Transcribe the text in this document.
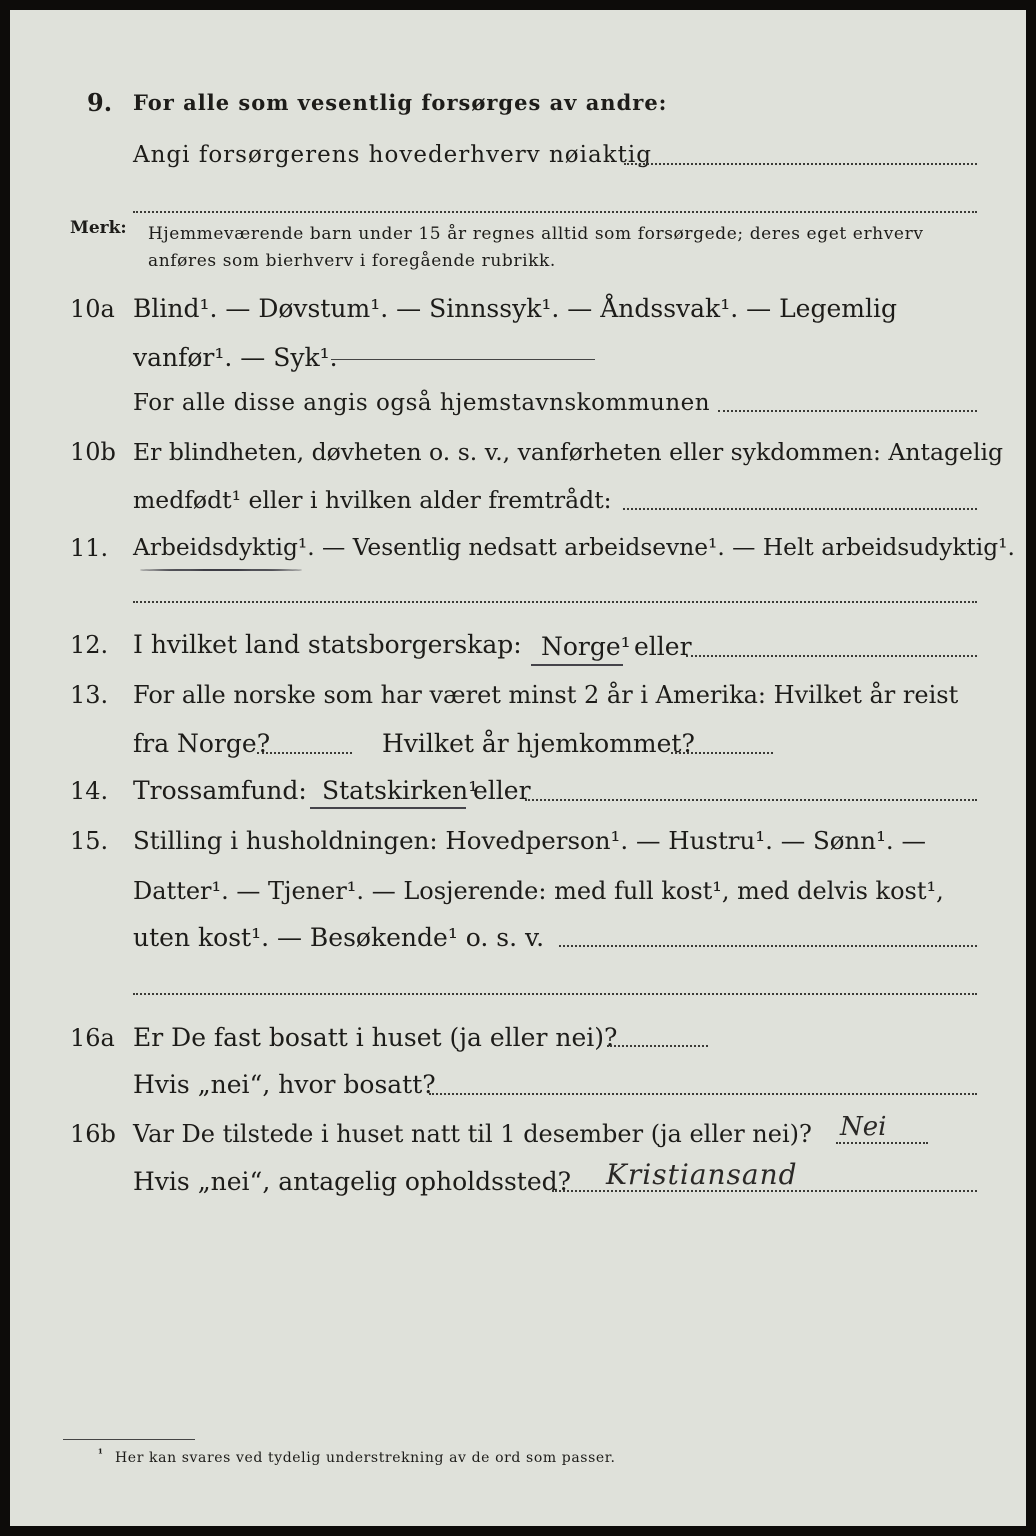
9. For alle som vesentlig forsørges av andre:
Angi forsørgerens hovederhverv nøiaktig
Merk: Hjemmeværende barn under 15 år regnes alltid som forsørgede; deres eget erhverv
anføres som bierhverv i foregående rubrikk.
10a Blind¹. — Døvstum¹. — Sinnssyk¹. — Åndssvak¹. — Legemlig
vanfør¹. — Syk¹.
For alle disse angis også hjemstavnskommunen
10b Er blindheten, døvheten o. s. v., vanførheten eller sykdommen: Antagelig
medfødt¹ eller i hvilken alder fremtrådt:
11. Arbeidsdyktig¹. — Vesentlig nedsatt arbeidsevne¹. — Helt arbeidsudyktig¹.
12. I hvilket land statsborgerskap: Norge¹ eller
13. For alle norske som har været minst 2 år i Amerika: Hvilket år reist
fra Norge?	Hvilket år hjemkommet?
14. Trossamfund: Statskirken¹
eller
15. Stilling i husholdningen: Hovedperson¹. — Hustru¹. — Sønn¹. —
Datter¹. — Tjener¹. — Losjerende: med full kost¹, med delvis kost¹,
uten kost¹. — Besøkende¹ o. s. v.
16a Er De fast bosatt i huset (ja eller nei)?
Hvis „nei“, hvor bosatt?
16b Var De tilstede i huset natt til 1 desember (ja eller nei)? Nei
Hvis „nei“, antagelig opholdssted? Kristiansand
¹ Her kan svares ved tydelig understrekning av de ord som passer.
